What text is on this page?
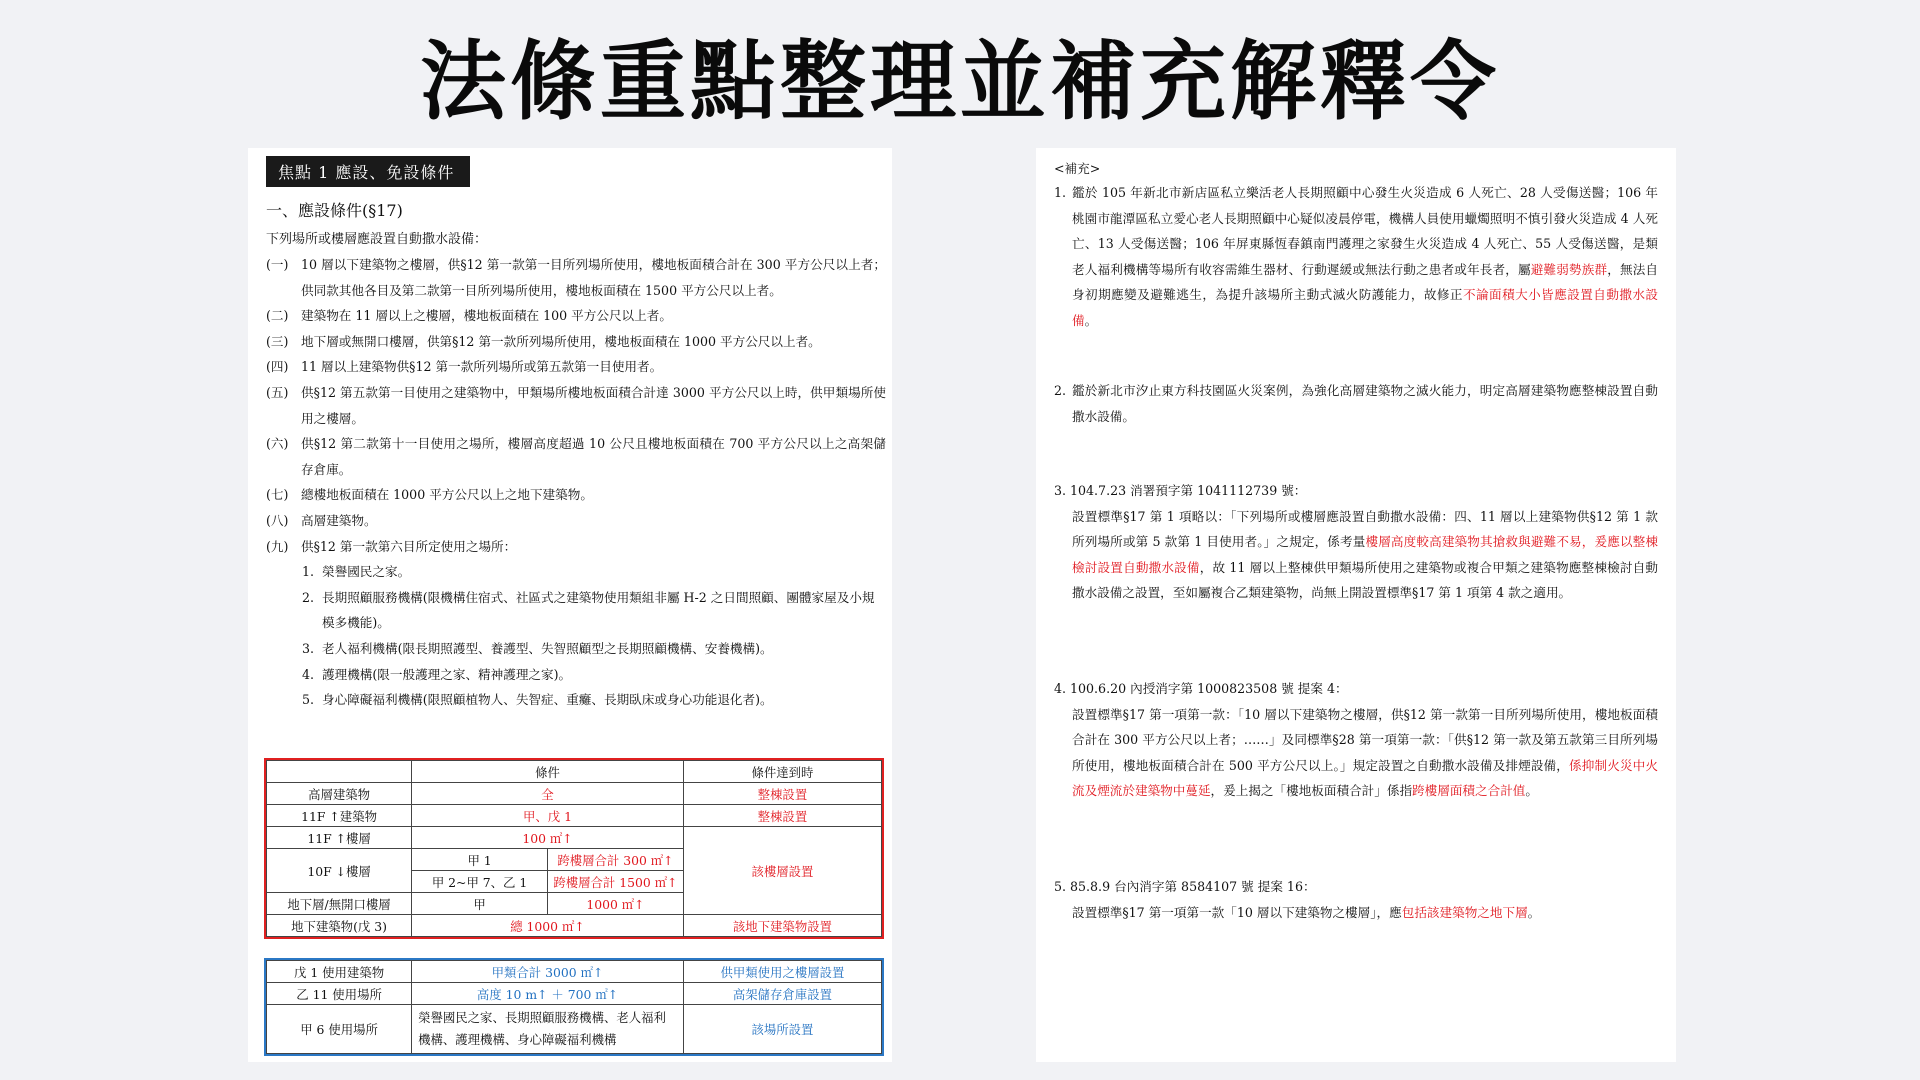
法條重點整理並補充解釋令
焦點 1 應設、免設條件
一、應設條件(§17)
下列場所或樓層應設置自動撒水設備：
(一) 10 層以下建築物之樓層，供§12 第一款第一目所列場所使用，樓地板面積合計在 300 平方公尺以上者；供同款其他各目及第二款第一目所列場所使用，樓地板面積在 1500 平方公尺以上者。
(二) 建築物在 11 層以上之樓層，樓地板面積在 100 平方公尺以上者。
(三) 地下層或無開口樓層，供第§12 第一款所列場所使用，樓地板面積在 1000 平方公尺以上者。
(四) 11 層以上建築物供§12 第一款所列場所或第五款第一目使用者。
(五) 供§12 第五款第一目使用之建築物中，甲類場所樓地板面積合計達 3000 平方公尺以上時，供甲類場所使用之樓層。
(六) 供§12 第二款第十一目使用之場所，樓層高度超過 10 公尺且樓地板面積在 700 平方公尺以上之高架儲存倉庫。
(七) 總樓地板面積在 1000 平方公尺以上之地下建築物。
(八) 高層建築物。
(九) 供§12 第一款第六目所定使用之場所：
1. 榮譽國民之家。
2. 長期照顧服務機構(限機構住宿式、社區式之建築物使用類組非屬 H-2 之日間照顧、團體家屋及小規模多機能)。
3. 老人福利機構(限長期照護型、養護型、失智照顧型之長期照顧機構、安養機構)。
4. 護理機構(限一般護理之家、精神護理之家)。
5. 身心障礙福利機構(限照顧植物人、失智症、重癱、長期臥床或身心功能退化者)。
	條件		條件達到時
高層建築物	全		整棟設置
11F ↑建築物	甲、戊 1		整棟設置
11F ↑樓層	100 ㎡↑		該樓層設置
10F ↓樓層	甲 1	跨樓層合計 300 ㎡↑	
	甲 2~甲 7、乙 1	跨樓層合計 1500 ㎡↑	
地下層/無開口樓層	甲	1000 ㎡↑	
地下建築物(戊 3)	總 1000 ㎡↑		該地下建築物設置
戊 1 使用建築物	甲類合計 3000 ㎡↑	供甲類使用之樓層設置
乙 11 使用場所	高度 10 m↑ ＋ 700 ㎡↑	高架儲存倉庫設置
甲 6 使用場所	榮譽國民之家、長期照顧服務機構、老人福利機構、護理機構、身心障礙福利機構	該場所設置
<補充>
1. 鑑於 105 年新北市新店區私立樂活老人長期照顧中心發生火災造成 6 人死亡、28 人受傷送醫；106 年桃園市龍潭區私立愛心老人長期照顧中心疑似凌晨停電，機構人員使用蠟燭照明不慎引發火災造成 4 人死亡、13 人受傷送醫；106 年屏東縣恆春鎮南門護理之家發生火災造成 4 人死亡、55 人受傷送醫，是類老人福利機構等場所有收容需維生器材、行動遲緩或無法行動之患者或年長者，屬避難弱勢族群，無法自身初期應變及避難逃生，為提升該場所主動式滅火防護能力，故修正不論面積大小皆應設置自動撒水設備。
2. 鑑於新北市汐止東方科技園區火災案例，為強化高層建築物之滅火能力，明定高層建築物應整棟設置自動撒水設備。
3. 104.7.23 消署預字第 1041112739 號：
設置標準§17 第 1 項略以：「下列場所或樓層應設置自動撒水設備：四、11 層以上建築物供§12 第 1 款所列場所或第 5 款第 1 目使用者。」之規定，係考量樓層高度較高建築物其搶救與避難不易，爰應以整棟檢討設置自動撒水設備，故 11 層以上整棟供甲類場所使用之建築物或複合甲類之建築物應整棟檢討自動撒水設備之設置，至如屬複合乙類建築物，尚無上開設置標準§17 第 1 項第 4 款之適用。
4. 100.6.20 內授消字第 1000823508 號 提案 4：
設置標準§17 第一項第一款：「10 層以下建築物之樓層，供§12 第一款第一目所列場所使用，樓地板面積合計在 300 平方公尺以上者；……」及同標準§28 第一項第一款：「供§12 第一款及第五款第三目所列場所使用，樓地板面積合計在 500 平方公尺以上。」規定設置之自動撒水設備及排煙設備，係抑制火災中火流及煙流於建築物中蔓延，爰上揭之「樓地板面積合計」係指跨樓層面積之合計值。
5. 85.8.9 台內消字第 8584107 號 提案 16：
設置標準§17 第一項第一款「10 層以下建築物之樓層」，應包括該建築物之地下層。
